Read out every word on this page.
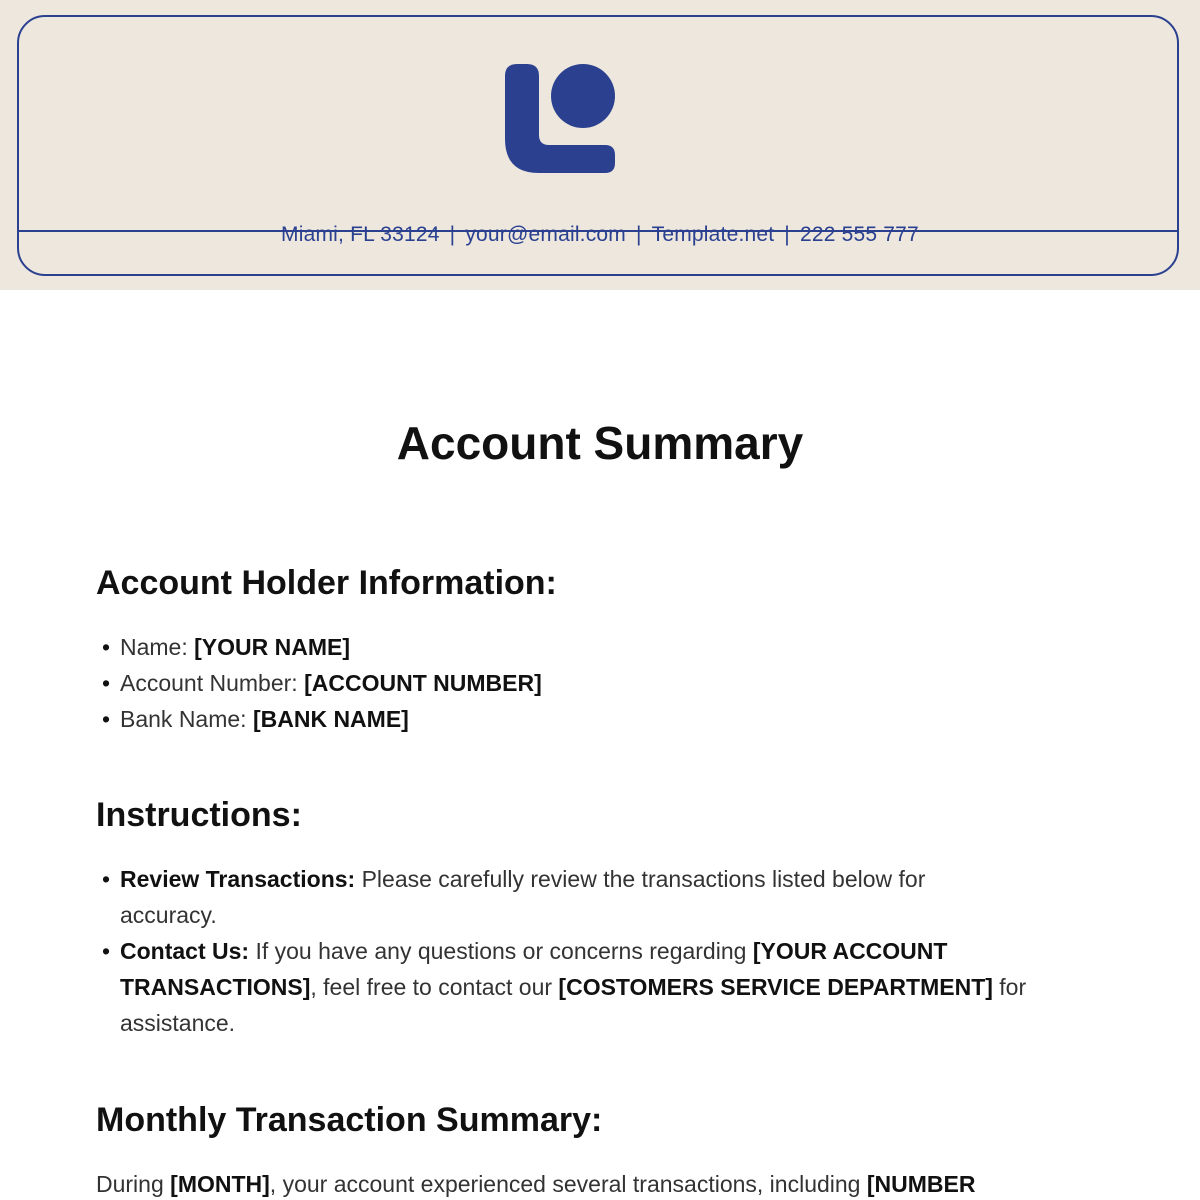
Miami, FL 33124 | your@email.com | Template.net | 222 555 777
Account Summary
Account Holder Information:
• Name: [YOUR NAME]
• Account Number: [ACCOUNT NUMBER]
• Bank Name: [BANK NAME]
Instructions:
• Review Transactions: Please carefully review the transactions listed below for accuracy.
• Contact Us: If you have any questions or concerns regarding [YOUR ACCOUNT TRANSACTIONS], feel free to contact our [COSTOMERS SERVICE DEPARTMENT] for assistance.
Monthly Transaction Summary:
During [MONTH], your account experienced several transactions, including [NUMBER
